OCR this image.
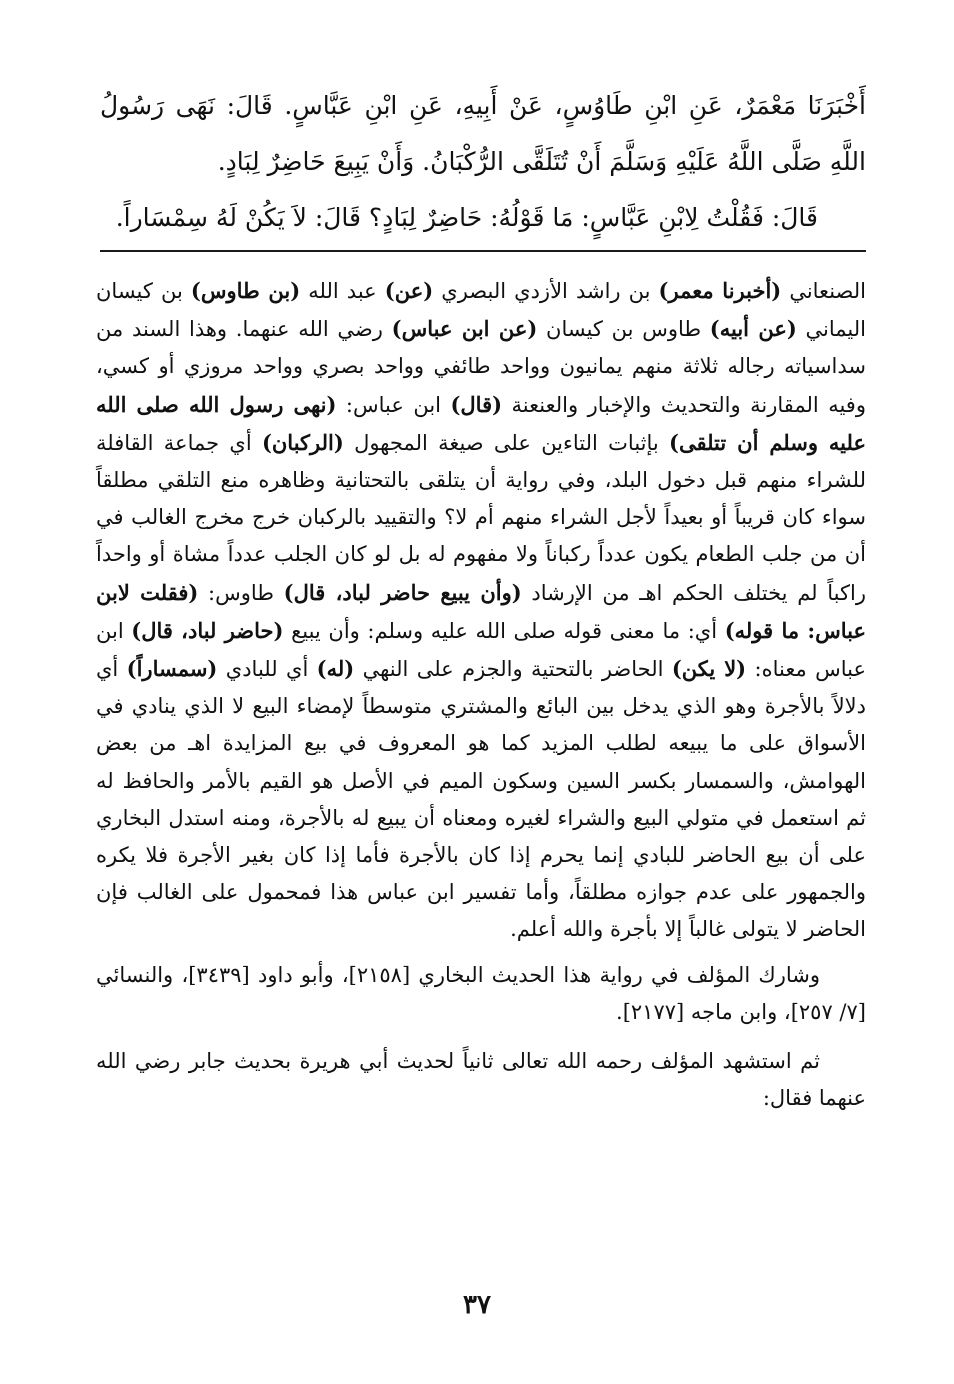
أَخْبَرَنَا مَعْمَرٌ، عَنِ ابْنِ طَاوُسٍ، عَنْ أَبِيهِ، عَنِ ابْنِ عَبَّاسٍ. قَالَ: نَهَى رَسُولُ اللَّهِ صَلَّى اللَّهُ عَلَيْهِ وَسَلَّمَ أَنْ تُتَلَقَّى الرُّكْبَانُ. وَأَنْ يَبِيعَ حَاضِرٌ لِبَادٍ.

قَالَ: فَقُلْتُ لِابْنِ عَبَّاسٍ: مَا قَوْلُهُ: حَاضِرٌ لِبَادٍ؟ قَالَ: لاَ يَكُنْ لَهُ سِمْسَاراً.

الصنعاني (أخبرنا معمر) بن راشد الأزدي البصري (عن) عبد الله (بن طاوس) بن كيسان اليماني (عن أبيه) طاوس بن كيسان (عن ابن عباس) رضي الله عنهما. وهذا السند من سداسياته رجاله ثلاثة منهم يمانيون وواحد طائفي وواحد بصري وواحد مروزي أو كسي، وفيه المقارنة والتحديث والإخبار والعنعنة (قال) ابن عباس: (نهى رسول الله صلى الله عليه وسلم أن تتلقى) بإثبات التاءين على صيغة المجهول (الركبان) أي جماعة القافلة للشراء منهم قبل دخول البلد، وفي رواية أن يتلقى بالتحتانية وظاهره منع التلقي مطلقاً سواء كان قريباً أو بعيداً لأجل الشراء منهم أم لا؟ والتقييد بالركبان خرج مخرج الغالب في أن من جلب الطعام يكون عدداً ركباناً ولا مفهوم له بل لو كان الجلب عدداً مشاة أو واحداً راكباً لم يختلف الحكم اهـ من الإرشاد (وأن يبيع حاضر لباد، قال) طاوس: (فقلت لابن عباس: ما قوله) أي: ما معنى قوله صلى الله عليه وسلم: وأن يبيع (حاضر لباد، قال) ابن عباس معناه: (لا يكن) الحاضر بالتحتية والجزم على النهي (له) أي للبادي (سمساراً) أي دلالاً بالأجرة وهو الذي يدخل بين البائع والمشتري متوسطاً لإمضاء البيع لا الذي ينادي في الأسواق على ما يبيعه لطلب المزيد كما هو المعروف في بيع المزايدة اهـ من بعض الهوامش، والسمسار بكسر السين وسكون الميم في الأصل هو القيم بالأمر والحافظ له ثم استعمل في متولي البيع والشراء لغيره ومعناه أن يبيع له بالأجرة، ومنه استدل البخاري على أن بيع الحاضر للبادي إنما يحرم إذا كان بالأجرة فأما إذا كان بغير الأجرة فلا يكره والجمهور على عدم جوازه مطلقاً، وأما تفسير ابن عباس هذا فمحمول على الغالب فإن الحاضر لا يتولى غالباً إلا بأجرة والله أعلم.

وشارك المؤلف في رواية هذا الحديث البخاري [٢١٥٨]، وأبو داود [٣٤٣٩]، والنسائي [٧/ ٢٥٧]، وابن ماجه [٢١٧٧].

ثم استشهد المؤلف رحمه الله تعالى ثانياً لحديث أبي هريرة بحديث جابر رضي الله عنهما فقال:

٣٧
